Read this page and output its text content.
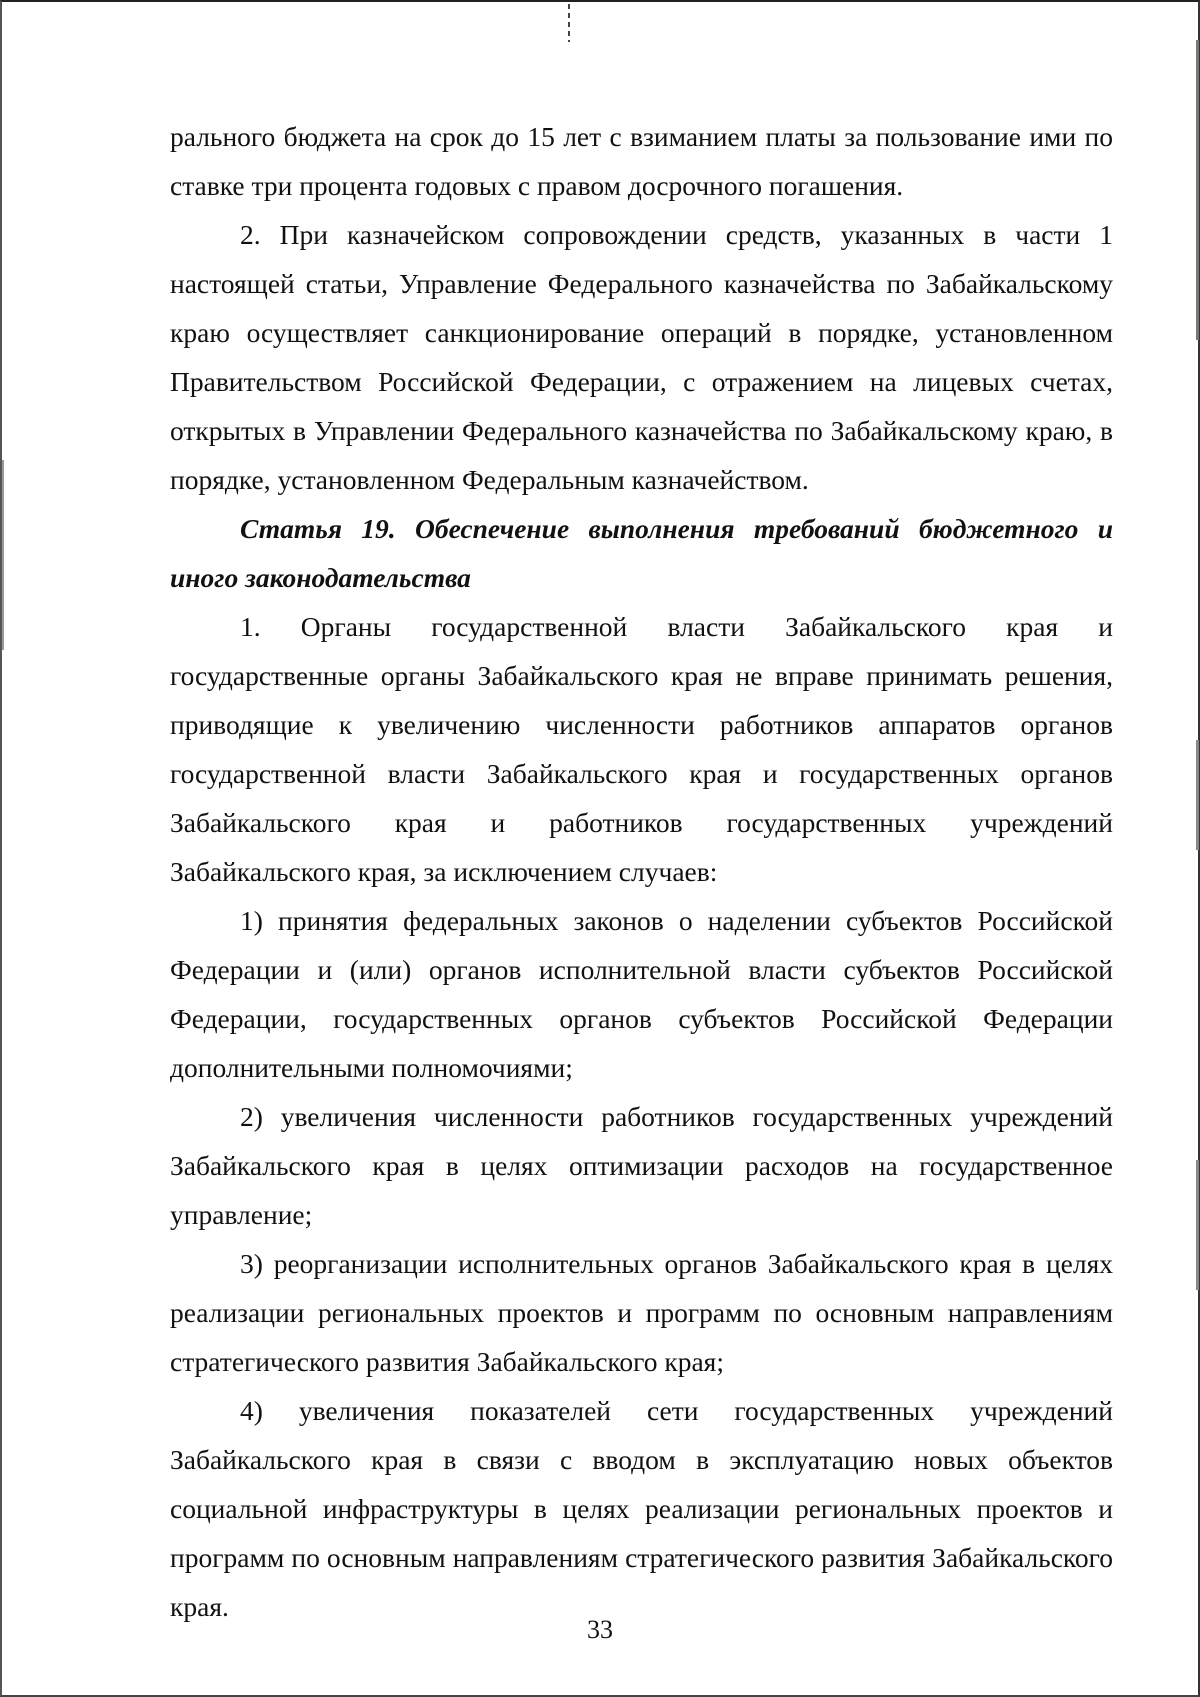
рального бюджета на срок до 15 лет с взиманием платы за пользование ими по ставке три процента годовых с правом досрочного погашения.

2. При казначейском сопровождении средств, указанных в части 1 настоящей статьи, Управление Федерального казначейства по Забайкальскому краю осуществляет санкционирование операций в порядке, установленном Правительством Российской Федерации, с отражением на лицевых счетах, открытых в Управлении Федерального казначейства по Забайкальскому краю, в порядке, установленном Федеральным казначейством.

Статья 19. Обеспечение выполнения требований бюджетного и иного законодательства

1. Органы государственной власти Забайкальского края и государственные органы Забайкальского края не вправе принимать решения, приводящие к увеличению численности работников аппаратов органов государственной власти Забайкальского края и государственных органов Забайкальского края и работников государственных учреждений Забайкальского края, за исключением случаев:

1) принятия федеральных законов о наделении субъектов Российской Федерации и (или) органов исполнительной власти субъектов Российской Федерации, государственных органов субъектов Российской Федерации дополнительными полномочиями;

2) увеличения численности работников государственных учреждений Забайкальского края в целях оптимизации расходов на государственное управление;

3) реорганизации исполнительных органов Забайкальского края в целях реализации региональных проектов и программ по основным направлениям стратегического развития Забайкальского края;

4) увеличения показателей сети государственных учреждений Забайкальского края в связи с вводом в эксплуатацию новых объектов социальной инфраструктуры в целях реализации региональных проектов и программ по основным направлениям стратегического развития Забайкальского края.

33
